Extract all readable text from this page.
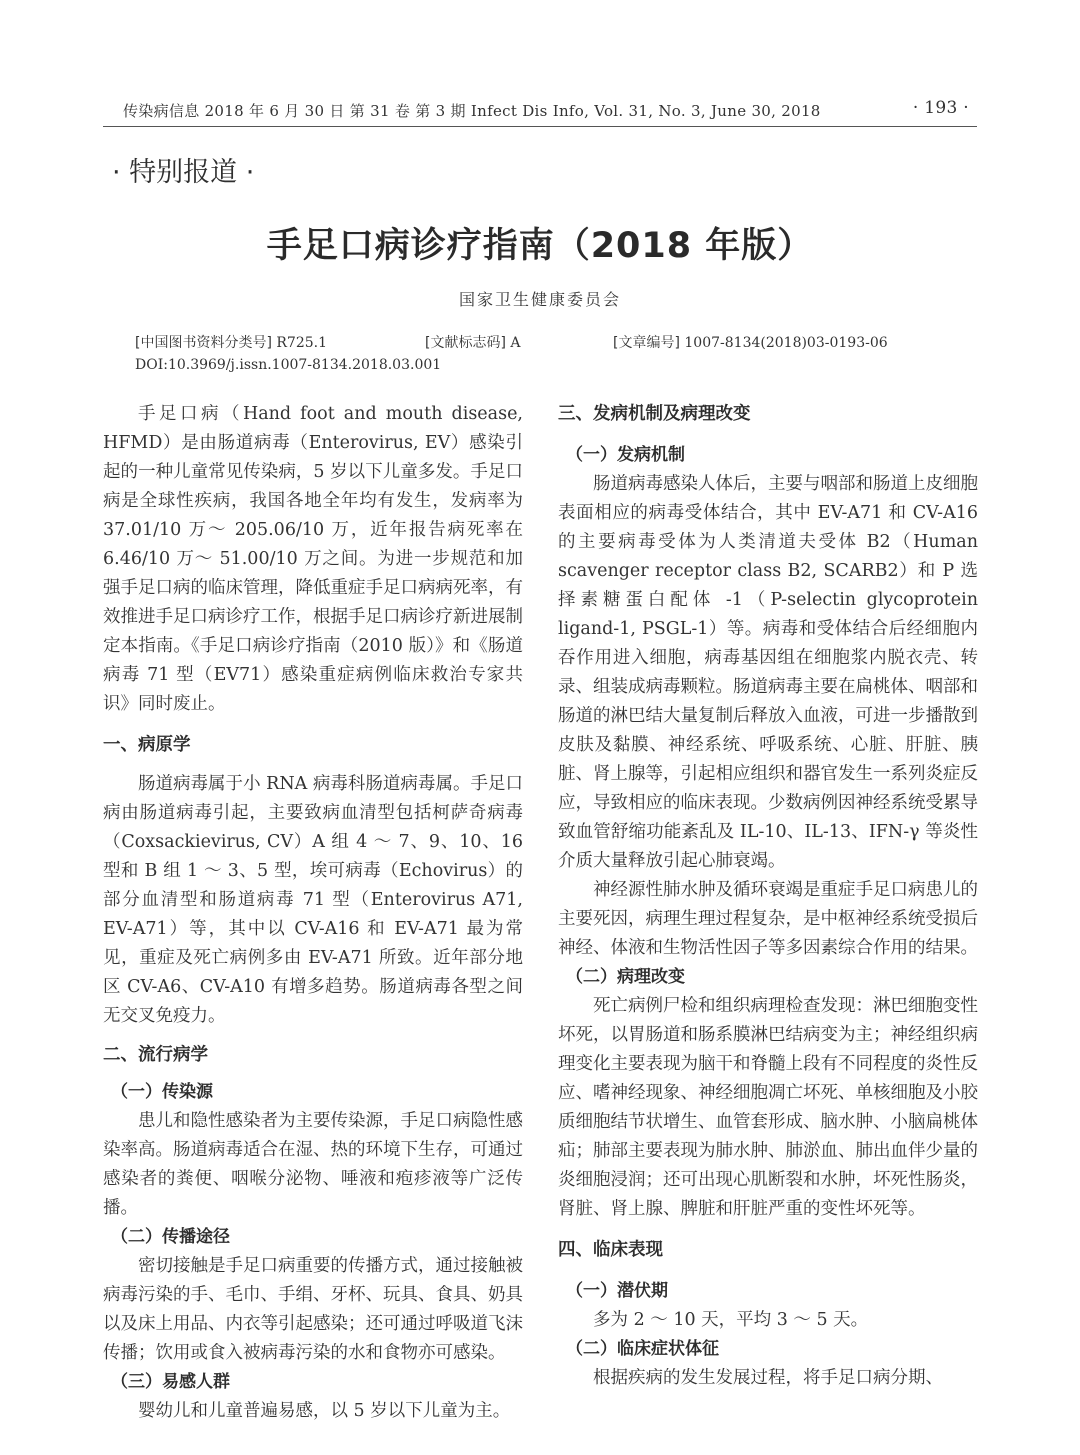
传染病信息 2018 年 6 月 30 日 第 31 卷 第 3 期 Infect Dis Info, Vol. 31, No. 3, June 30, 2018	· 193 ·
· 特别报道 ·
手足口病诊疗指南（2018 年版）
国家卫生健康委员会
[中国图书资料分类号] R725.1	[文献标志码] A	[文章编号] 1007-8134(2018)03-0193-06
DOI:10.3969/j.issn.1007-8134.2018.03.001

手足口病（Hand foot and mouth disease, HFMD）是由肠道病毒（Enterovirus, EV）感染引起的一种儿童常见传染病，5 岁以下儿童多发。手足口病是全球性疾病，我国各地全年均有发生，发病率为 37.01/10 万～ 205.06/10 万，近年报告病死率在 6.46/10 万～ 51.00/10 万之间。为进一步规范和加强手足口病的临床管理，降低重症手足口病病死率，有效推进手足口病诊疗工作，根据手足口病诊疗新进展制定本指南。《手足口病诊疗指南（2010 版）》和《肠道病毒 71 型（EV71）感染重症病例临床救治专家共识》同时废止。

一、病原学

肠道病毒属于小 RNA 病毒科肠道病毒属。手足口病由肠道病毒引起，主要致病血清型包括柯萨奇病毒（Coxsackievirus, CV）A 组 4 ～ 7、9、10、16 型和 B 组 1 ～ 3、5 型，埃可病毒（Echovirus）的部分血清型和肠道病毒 71 型（Enterovirus A71, EV-A71）等，其中以 CV-A16 和 EV-A71 最为常见，重症及死亡病例多由 EV-A71 所致。近年部分地区 CV-A6、CV-A10 有增多趋势。肠道病毒各型之间无交叉免疫力。

二、流行病学

（一）传染源

患儿和隐性感染者为主要传染源，手足口病隐性感染率高。肠道病毒适合在湿、热的环境下生存，可通过感染者的粪便、咽喉分泌物、唾液和疱疹液等广泛传播。

（二）传播途径

密切接触是手足口病重要的传播方式，通过接触被病毒污染的手、毛巾、手绢、牙杯、玩具、食具、奶具以及床上用品、内衣等引起感染；还可通过呼吸道飞沫传播；饮用或食入被病毒污染的水和食物亦可感染。

（三）易感人群

婴幼儿和儿童普遍易感，以 5 岁以下儿童为主。

三、发病机制及病理改变

（一）发病机制

肠道病毒感染人体后，主要与咽部和肠道上皮细胞表面相应的病毒受体结合，其中 EV-A71 和 CV-A16 的主要病毒受体为人类清道夫受体 B2（Human scavenger receptor class B2, SCARB2）和 P 选择素糖蛋白配体 -1（P-selectin glycoprotein ligand-1, PSGL-1）等。病毒和受体结合后经细胞内吞作用进入细胞，病毒基因组在细胞浆内脱衣壳、转录、组装成病毒颗粒。肠道病毒主要在扁桃体、咽部和肠道的淋巴结大量复制后释放入血液，可进一步播散到皮肤及黏膜、神经系统、呼吸系统、心脏、肝脏、胰脏、肾上腺等，引起相应组织和器官发生一系列炎症反应，导致相应的临床表现。少数病例因神经系统受累导致血管舒缩功能紊乱及 IL-10、IL-13、IFN-γ 等炎性介质大量释放引起心肺衰竭。

神经源性肺水肿及循环衰竭是重症手足口病患儿的主要死因，病理生理过程复杂，是中枢神经系统受损后神经、体液和生物活性因子等多因素综合作用的结果。

（二）病理改变

死亡病例尸检和组织病理检查发现：淋巴细胞变性坏死，以胃肠道和肠系膜淋巴结病变为主；神经组织病理变化主要表现为脑干和脊髓上段有不同程度的炎性反应、嗜神经现象、神经细胞凋亡坏死、单核细胞及小胶质细胞结节状增生、血管套形成、脑水肿、小脑扁桃体疝；肺部主要表现为肺水肿、肺淤血、肺出血伴少量的炎细胞浸润；还可出现心肌断裂和水肿，坏死性肠炎，肾脏、肾上腺、脾脏和肝脏严重的变性坏死等。

四、临床表现

（一）潜伏期

多为 2 ～ 10 天，平均 3 ～ 5 天。

（二）临床症状体征

根据疾病的发生发展过程，将手足口病分期、
